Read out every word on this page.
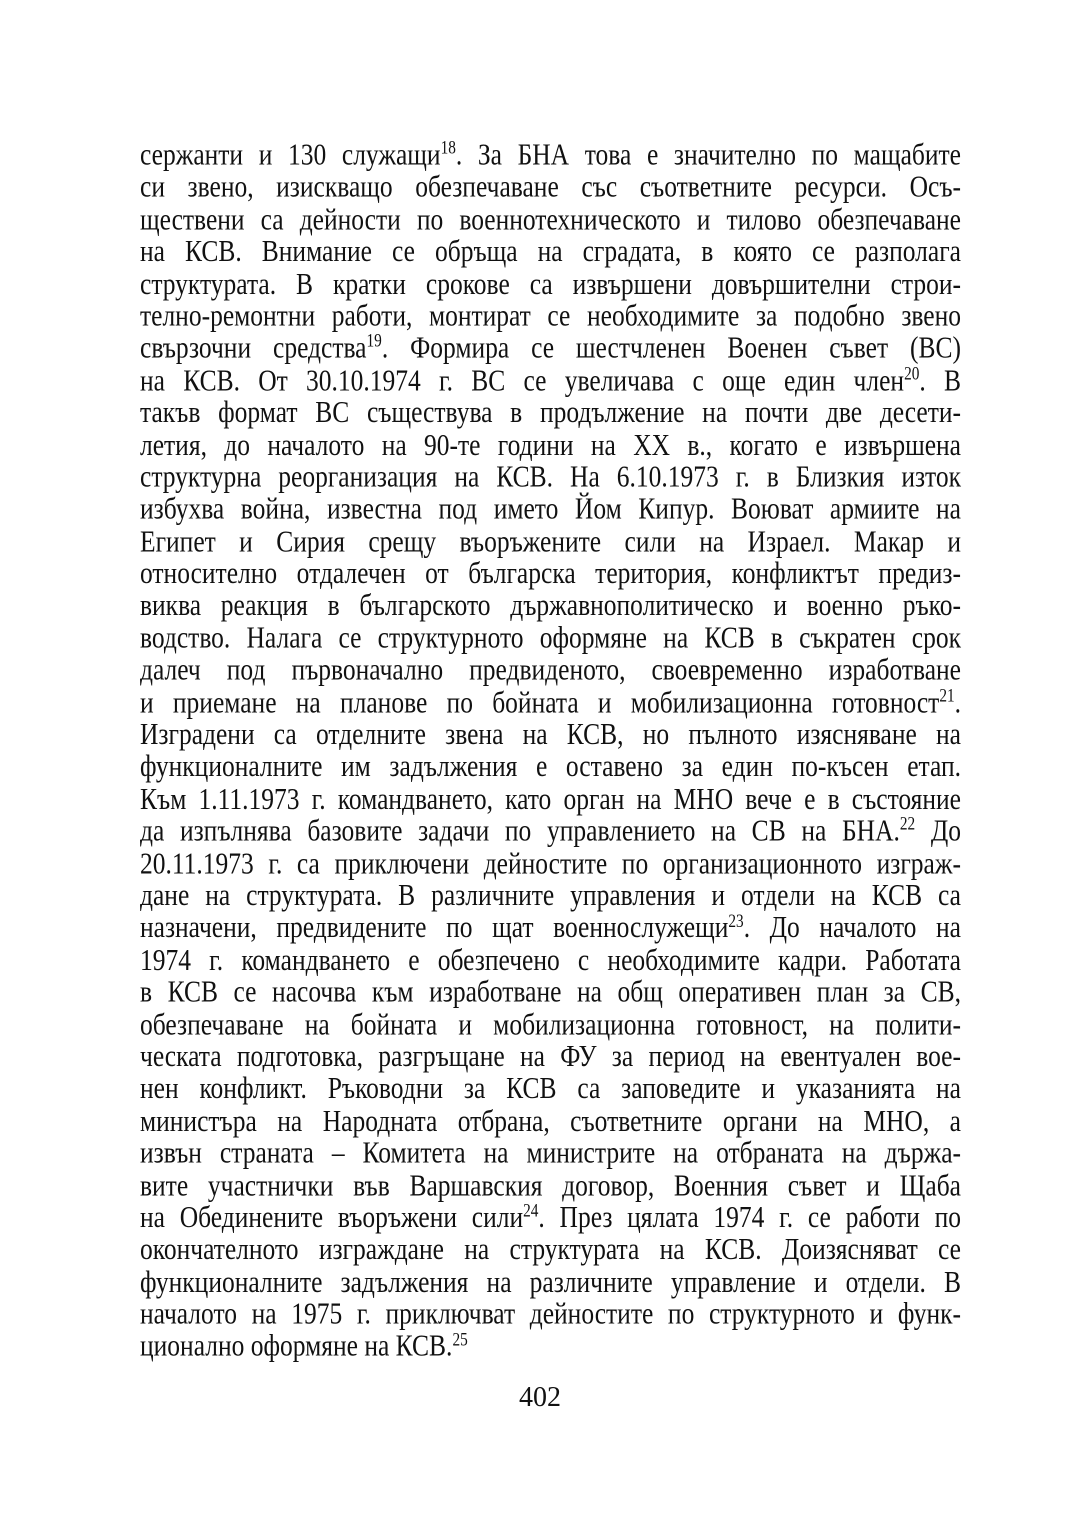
сержанти и 130 служащи$^{18}$. За БНА това е значително по мащабите
си звено, изискващо обезпечаване със съответните ресурси. Осъ-
ществени са дейности по военнотехническото и тилово обезпечаване
на КСВ. Внимание се обръща на сградата, в която се разполага
структурата. В кратки срокове са извършени довършителни строи-
телно-ремонтни работи, монтират се необходимите за подобно звено
свързочни средства$^{19}$. Формира се шестчленен Военен съвет (ВС)
на КСВ. От 30.10.1974 г. ВС се увеличава с още един член$^{20}$. В
такъв формат ВС съществува в продължение на почти две десети-
летия, до началото на 90-те години на ХХ в., когато е извършена
структурна реорганизация на КСВ. На 6.10.1973 г. в Близкия изток
избухва война, известна под името Йом Кипур. Воюват армиите на
Египет и Сирия срещу въоръжените сили на Израел. Макар и
относително отдалечен от българска територия, конфликтът предиз-
виква реакция в българското държавнополитическо и военно ръко-
водство. Налага се структурното оформяне на КСВ в съкратен срок
далеч под първоначално предвиденото, своевременно изработване
и приемане на планове по бойната и мобилизационна готовност$^{21}$.
Изградени са отделните звена на КСВ, но пълното изясняване на
функционалните им задължения е оставено за един по-късен етап.
Към 1.11.1973 г. командването, като орган на МНО вече е в състояние
да изпълнява базовите задачи по управлението на СВ на БНА.$^{22}$ До
20.11.1973 г. са приключени дейностите по организационното изграж-
дане на структурата. В различните управления и отдели на КСВ са
назначени, предвидените по щат военнослужещи$^{23}$. До началото на
1974 г. командването е обезпечено с необходимите кадри. Работата
в КСВ се насочва към изработване на общ оперативен план за СВ,
обезпечаване на бойната и мобилизационна готовност, на полити-
ческата подготовка, разгръщане на ФУ за период на евентуален вое-
нен конфликт. Ръководни за КСВ са заповедите и указанията на
министъра на Народната отбрана, съответните органи на МНО, а
извън страната – Комитета на министрите на отбраната на държа-
вите участнички във Варшавския договор, Военния съвет и Щаба
на Обединените въоръжени сили$^{24}$. През цялата 1974 г. се работи по
окончателното изграждане на структурата на КСВ. Доизясняват се
функционалните задължения на различните управление и отдели. В
началото на 1975 г. приключват дейностите по структурното и функ-
ционално оформяне на КСВ.$^{25}$
402
